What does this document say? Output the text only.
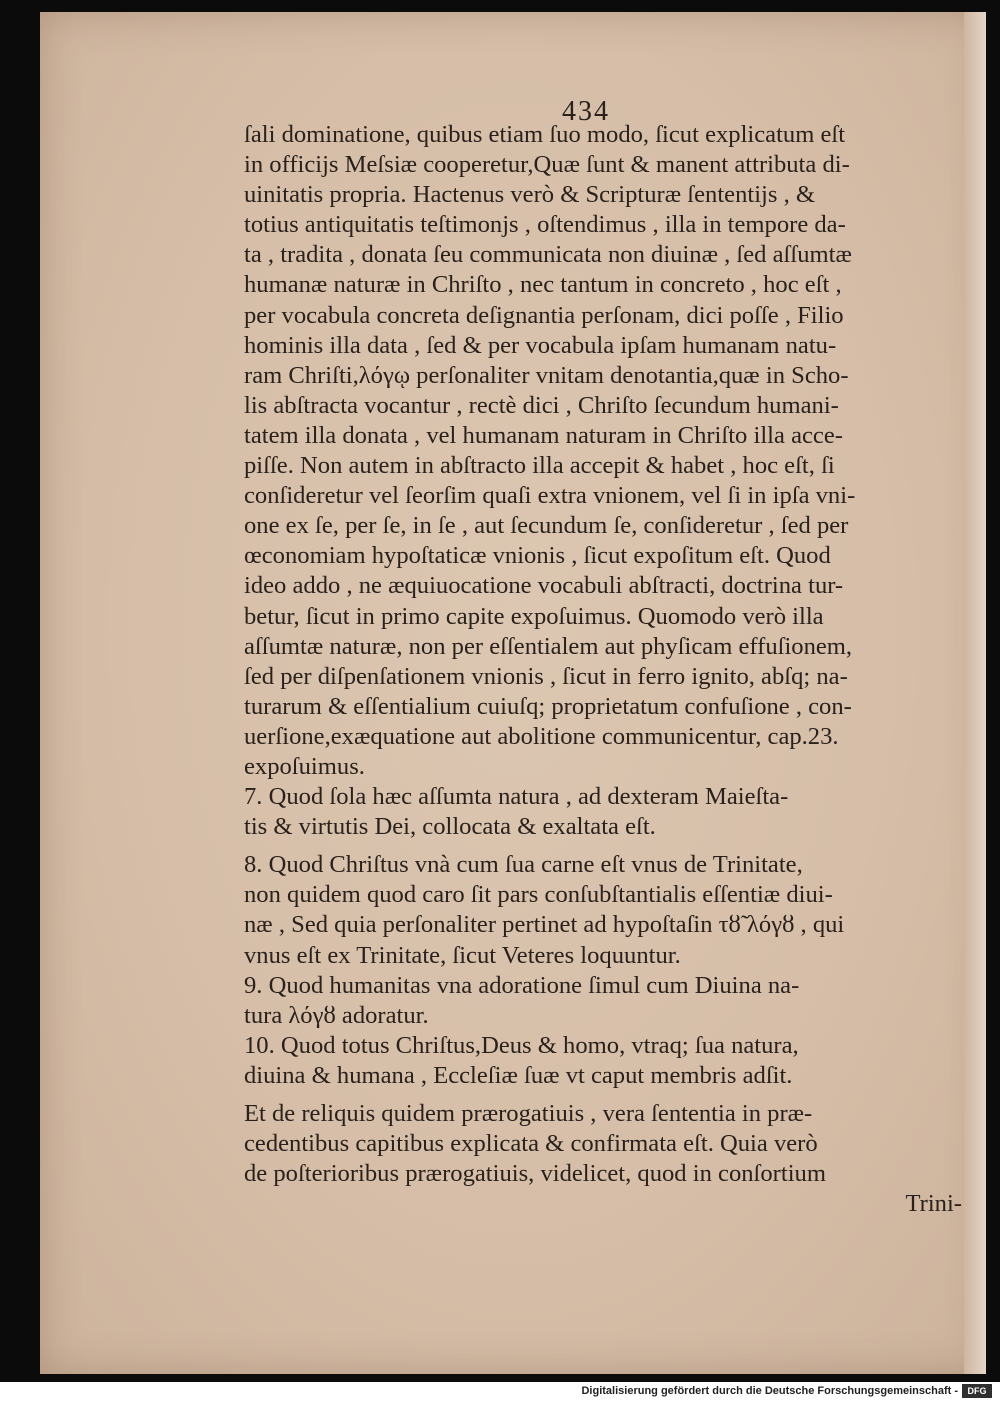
434
ſali dominatione, quibus etiam ſuo modo, ſicut explicatum eſt
in officijs Meſsiæ cooperetur,Quæ ſunt & manent attributa di-
uinitatis propria. Hactenus verò & Scripturæ ſententijs , &
totius antiquitatis teſtimonjs , oſtendimus , illa in tempore da-
ta , tradita , donata ſeu communicata non diuinæ , ſed aſſumtæ
humanæ naturæ in Chriſto , nec tantum in concreto , hoc eſt ,
per vocabula concreta deſignantia perſonam, dici poſſe , Filio
hominis illa data , ſed & per vocabula ipſam humanam natu-
ram Chriſti,λόγῳ perſonaliter vnitam denotantia,quæ in Scho-
lis abſtracta vocantur , rectè dici , Chriſto ſecundum humani-
tatem illa donata , vel humanam naturam in Chriſto illa acce-
piſſe. Non autem in abſtracto illa accepit & habet , hoc eſt, ſi
conſideretur vel ſeorſim quaſi extra vnionem, vel ſi in ipſa vni-
one ex ſe, per ſe, in ſe , aut ſecundum ſe, conſideretur , ſed per
œconomiam hypoſtaticæ vnionis , ſicut expoſitum eſt. Quod
ideo addo , ne æquiuocatione vocabuli abſtracti, doctrina tur-
betur, ſicut in primo capite expoſuimus. Quomodo verò illa
aſſumtæ naturæ, non per eſſentialem aut phyſicam effuſionem,
ſed per diſpenſationem vnionis , ſicut in ferro ignito, abſq; na-
turarum & eſſentialium cuiuſq; proprietatum confuſione , con-
uerſione,exæquatione aut abolitione communicentur, cap.23.
expoſuimus.
7. Quod ſola hæc aſſumta natura , ad dexteram Maieſta-
tis & virtutis Dei, collocata & exaltata eſt.
8. Quod Chriſtus vnà cum ſua carne eſt vnus de Trinitate,
non quidem quod caro ſit pars conſubſtantialis eſſentiæ diui-
næ , Sed quia perſonaliter pertinet ad hypoſtaſin τȣ̃ λόγȣ , qui
vnus eſt ex Trinitate, ſicut Veteres loquuntur.
9. Quod humanitas vna adoratione ſimul cum Diuina na-
tura λόγȣ adoratur.
10. Quod totus Chriſtus,Deus & homo, vtraq; ſua natura,
diuina & humana , Eccleſiæ ſuæ vt caput membris adſit.
Et de reliquis quidem prærogatiuis , vera ſententia in præ-
cedentibus capitibus explicata & confirmata eſt. Quia verò
de poſterioribus prærogatiuis, videlicet, quod in conſortium
Trini-
Digitalisierung gefördert durch die Deutsche Forschungsgemeinschaft -	DFG
